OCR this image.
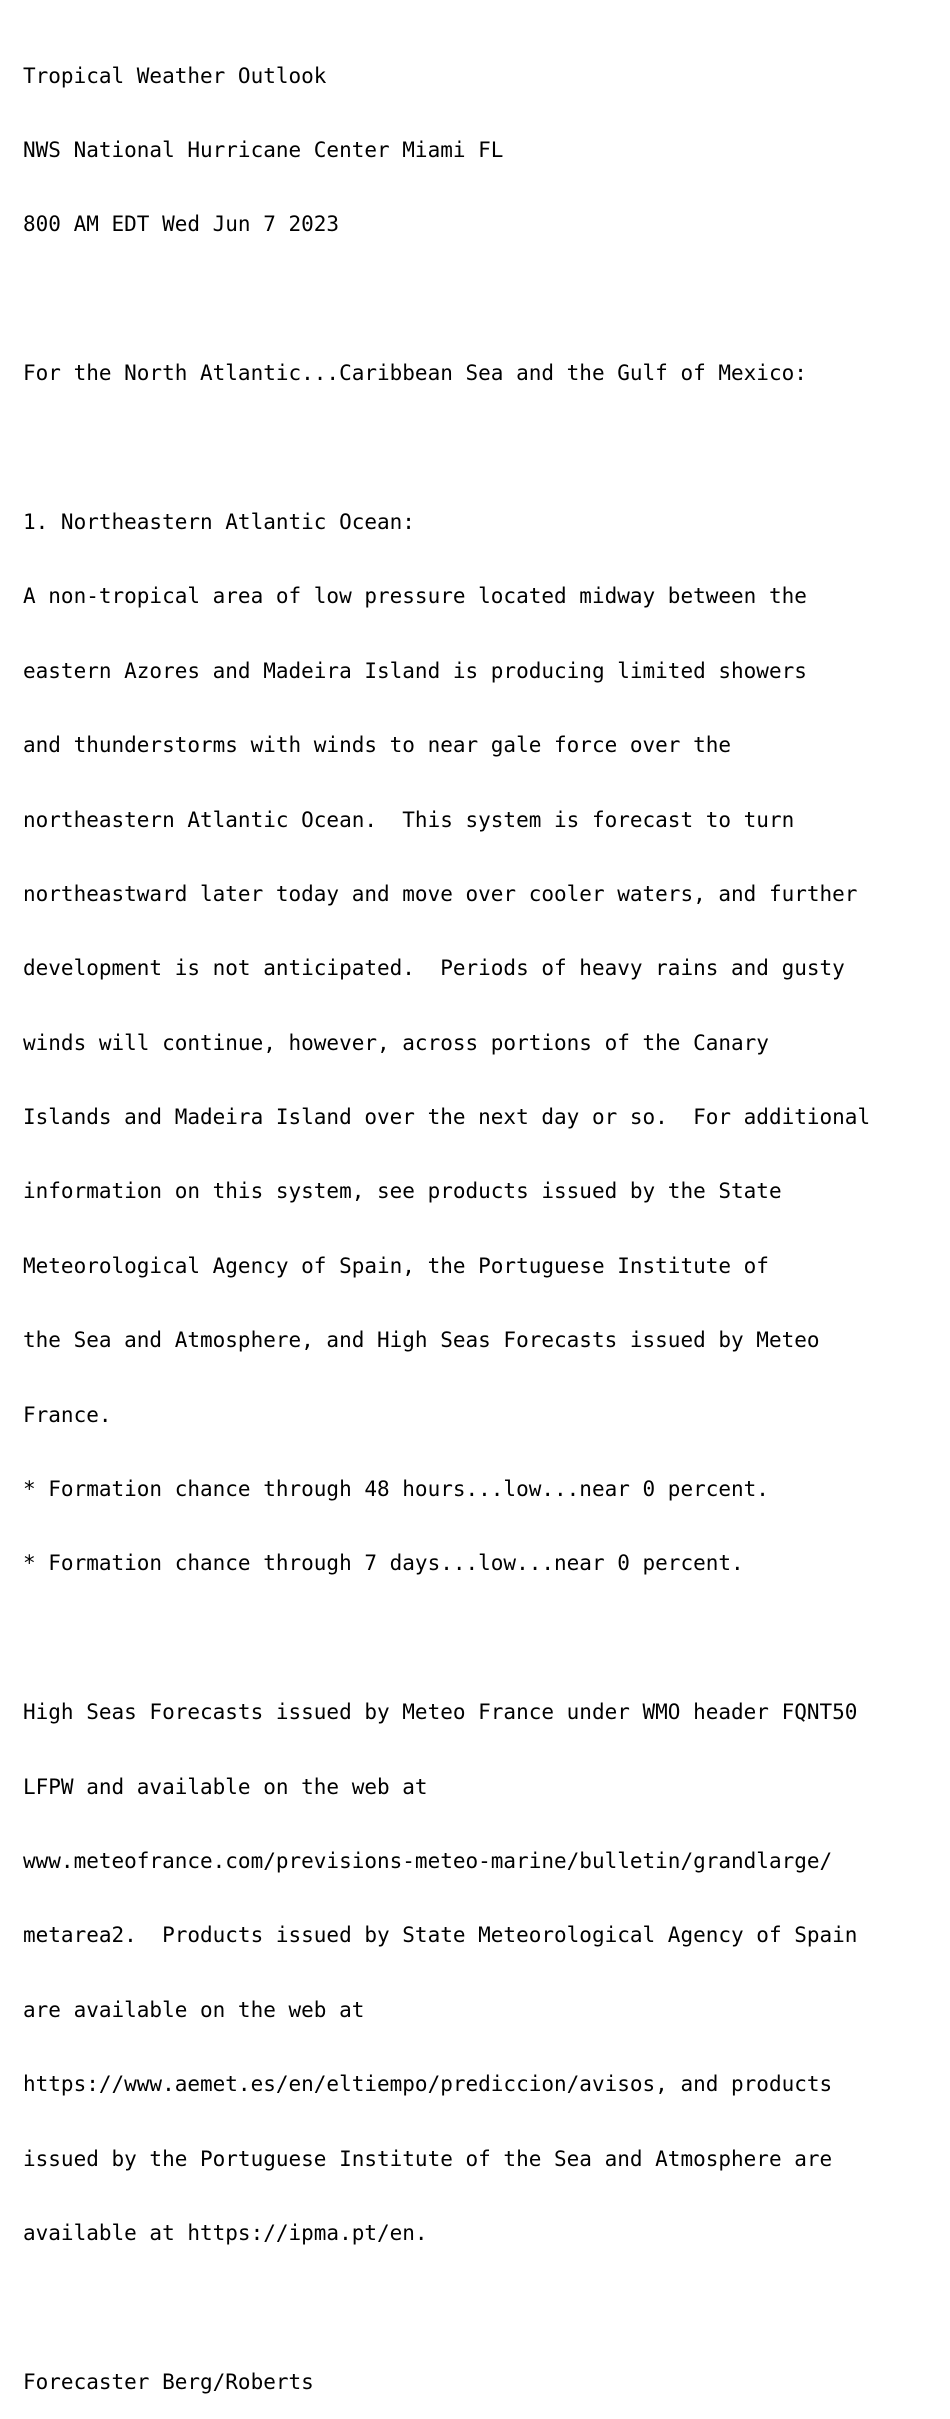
Tropical Weather Outlook

NWS National Hurricane Center Miami FL

800 AM EDT Wed Jun 7 2023

For the North Atlantic...Caribbean Sea and the Gulf of Mexico:

1. Northeastern Atlantic Ocean:

A non-tropical area of low pressure located midway between the

eastern Azores and Madeira Island is producing limited showers

and thunderstorms with winds to near gale force over the

northeastern Atlantic Ocean.  This system is forecast to turn

northeastward later today and move over cooler waters, and further

development is not anticipated.  Periods of heavy rains and gusty

winds will continue, however, across portions of the Canary

Islands and Madeira Island over the next day or so.  For additional

information on this system, see products issued by the State

Meteorological Agency of Spain, the Portuguese Institute of

the Sea and Atmosphere, and High Seas Forecasts issued by Meteo

France.

* Formation chance through 48 hours...low...near 0 percent.

* Formation chance through 7 days...low...near 0 percent.

High Seas Forecasts issued by Meteo France under WMO header FQNT50

LFPW and available on the web at

www.meteofrance.com/previsions-meteo-marine/bulletin/grandlarge/

metarea2.  Products issued by State Meteorological Agency of Spain

are available on the web at

https://www.aemet.es/en/eltiempo/prediccion/avisos, and products

issued by the Portuguese Institute of the Sea and Atmosphere are

available at https://ipma.pt/en.

Forecaster Berg/Roberts
